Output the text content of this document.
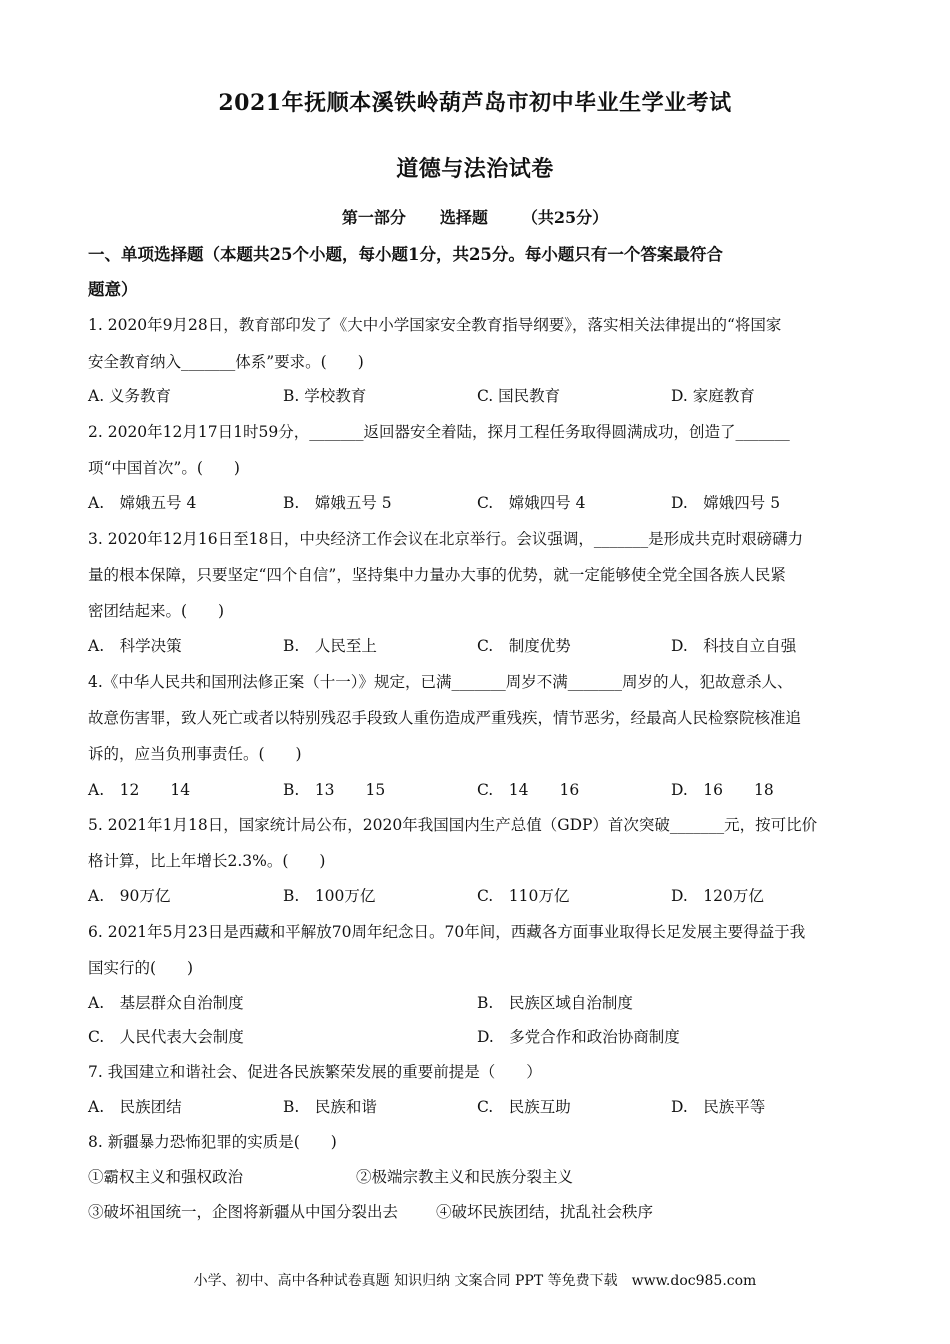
2021年抚顺本溪铁岭葫芦岛市初中毕业生学业考试
道德与法治试卷
第一部分 选择题 （共25分）
一、单项选择题（本题共25个小题，每小题1分，共25分。每小题只有一个答案最符合
题意）
1. 2020年9月28日，教育部印发了《大中小学国家安全教育指导纲要》，落实相关法律提出的“将国家
安全教育纳入_______体系”要求。(　　)
A. 义务教育	B. 学校教育	C. 国民教育	D. 家庭教育
2. 2020年12月17日1时59分，_______返回器安全着陆，探月工程任务取得圆满成功，创造了_______
项“中国首次”。(　　)
A.　嫦娥五号 4	B.　嫦娥五号 5	C.　嫦娥四号 4	D.　嫦娥四号 5
3. 2020年12月16日至18日，中央经济工作会议在北京举行。会议强调，_______是形成共克时艰磅礴力
量的根本保障，只要坚定“四个自信”，坚持集中力量办大事的优势，就一定能够使全党全国各族人民紧
密团结起来。(　　)
A.　科学决策	B.　人民至上	C.　制度优势	D.　科技自立自强
4.《中华人民共和国刑法修正案（十一）》规定，已满_______周岁不满_______周岁的人，犯故意杀人、
故意伤害罪，致人死亡或者以特别残忍手段致人重伤造成严重残疾，情节恶劣，经最高人民检察院核准追
诉的，应当负刑事责任。(　　)
A.　12　　14	B.　13　　15	C.　14　　16	D.　16　　18
5. 2021年1月18日，国家统计局公布，2020年我国国内生产总值（GDP）首次突破_______元，按可比价
格计算，比上年增长2.3%。(　　)
A.　90万亿	B.　100万亿	C.　110万亿	D.　120万亿
6. 2021年5月23日是西藏和平解放70周年纪念日。70年间，西藏各方面事业取得长足发展主要得益于我
国实行的(　　)
A.　基层群众自治制度	B.　民族区域自治制度
C.　人民代表大会制度	D.　多党合作和政治协商制度
7. 我国建立和谐社会、促进各民族繁荣发展的重要前提是（　　）
A.　民族团结	B.　民族和谐	C.　民族互助	D.　民族平等
8. 新疆暴力恐怖犯罪的实质是(　　)
①霸权主义和强权政治	②极端宗教主义和民族分裂主义
③破坏祖国统一，企图将新疆从中国分裂出去 ④破坏民族团结，扰乱社会秩序
小学、初中、高中各种试卷真题 知识归纳 文案合同 PPT 等免费下载　www.doc985.com
